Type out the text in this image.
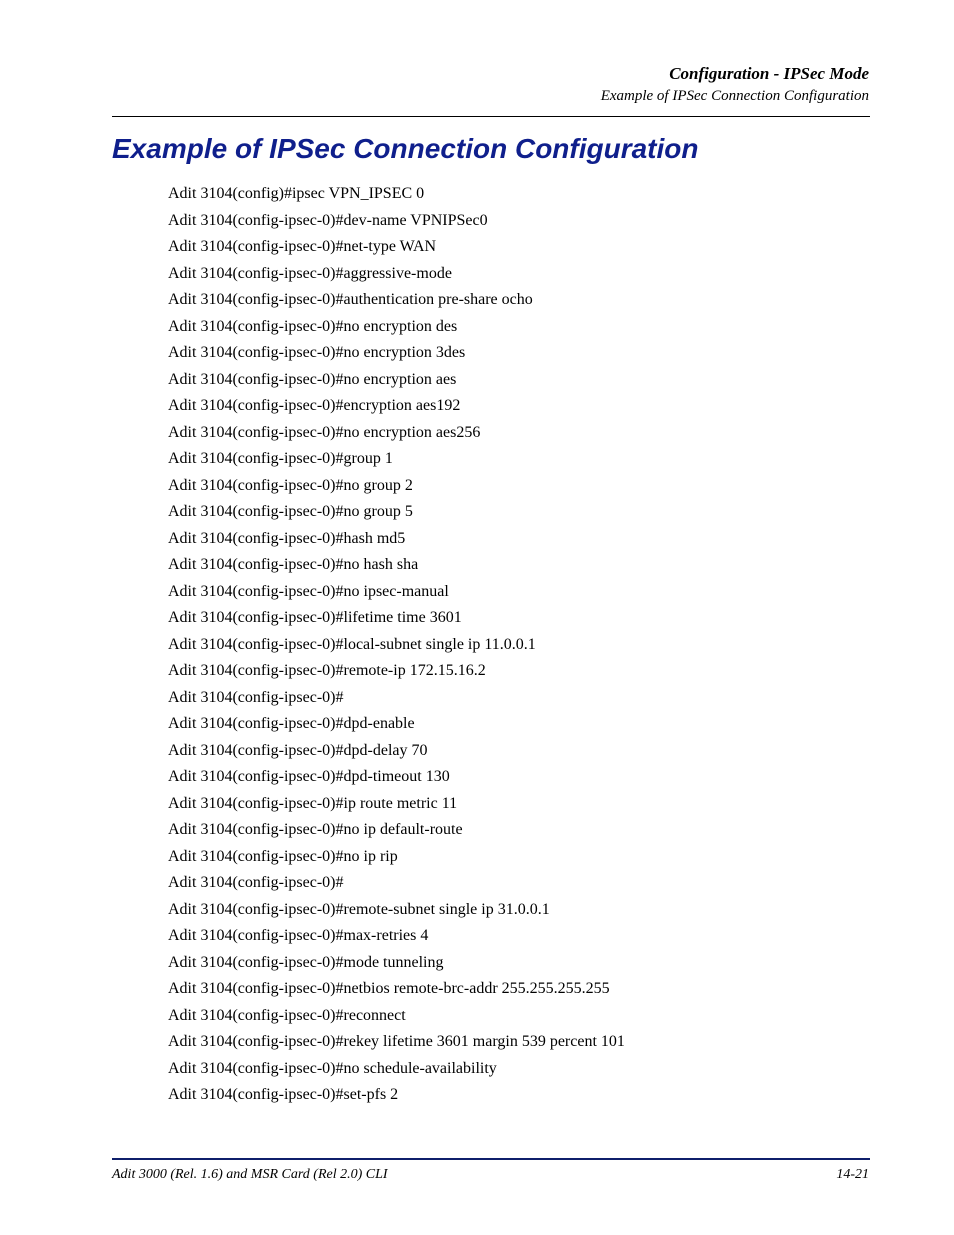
Configuration - IPSec Mode
Example of IPSec Connection Configuration
Example of IPSec Connection Configuration
Adit 3104(config)#ipsec VPN_IPSEC 0
Adit 3104(config-ipsec-0)#dev-name VPNIPSec0
Adit 3104(config-ipsec-0)#net-type WAN
Adit 3104(config-ipsec-0)#aggressive-mode
Adit 3104(config-ipsec-0)#authentication pre-share ocho
Adit 3104(config-ipsec-0)#no encryption des
Adit 3104(config-ipsec-0)#no encryption 3des
Adit 3104(config-ipsec-0)#no encryption aes
Adit 3104(config-ipsec-0)#encryption aes192
Adit 3104(config-ipsec-0)#no encryption aes256
Adit 3104(config-ipsec-0)#group 1
Adit 3104(config-ipsec-0)#no group 2
Adit 3104(config-ipsec-0)#no group 5
Adit 3104(config-ipsec-0)#hash md5
Adit 3104(config-ipsec-0)#no hash sha
Adit 3104(config-ipsec-0)#no ipsec-manual
Adit 3104(config-ipsec-0)#lifetime time 3601
Adit 3104(config-ipsec-0)#local-subnet single ip 11.0.0.1
Adit 3104(config-ipsec-0)#remote-ip 172.15.16.2
Adit 3104(config-ipsec-0)#
Adit 3104(config-ipsec-0)#dpd-enable
Adit 3104(config-ipsec-0)#dpd-delay 70
Adit 3104(config-ipsec-0)#dpd-timeout 130
Adit 3104(config-ipsec-0)#ip route metric 11
Adit 3104(config-ipsec-0)#no ip default-route
Adit 3104(config-ipsec-0)#no ip rip
Adit 3104(config-ipsec-0)#
Adit 3104(config-ipsec-0)#remote-subnet single ip 31.0.0.1
Adit 3104(config-ipsec-0)#max-retries 4
Adit 3104(config-ipsec-0)#mode tunneling
Adit 3104(config-ipsec-0)#netbios remote-brc-addr 255.255.255.255
Adit 3104(config-ipsec-0)#reconnect
Adit 3104(config-ipsec-0)#rekey lifetime 3601 margin 539 percent 101
Adit 3104(config-ipsec-0)#no schedule-availability
Adit 3104(config-ipsec-0)#set-pfs 2
Adit 3000 (Rel. 1.6) and MSR Card (Rel 2.0) CLI	14-21
